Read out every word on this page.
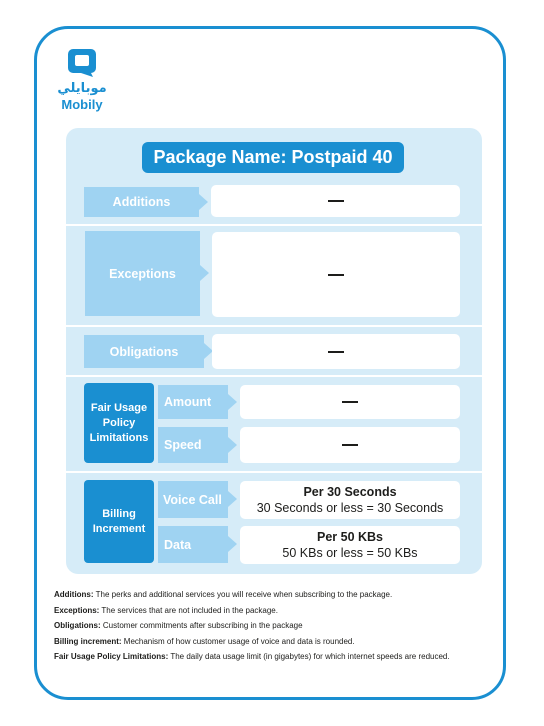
موبايلي
Mobily
Package Name: Postpaid 40
Additions
Exceptions
Obligations
Fair Usage Policy Limitations
Amount
Speed
Billing Increment
Voice Call
Per 30 Seconds
30 Seconds or less = 30 Seconds
Data
Per 50 KBs
50 KBs or less = 50 KBs

Additions: The perks and additional services you will receive when subscribing to the package.

Exceptions: The services that are not included in the package.

Obligations: Customer commitments after subscribing in the package

Billing increment: Mechanism of how customer usage of voice and data is rounded.

Fair Usage Policy Limitations: The daily data usage limit (in gigabytes) for which internet speeds are reduced.
